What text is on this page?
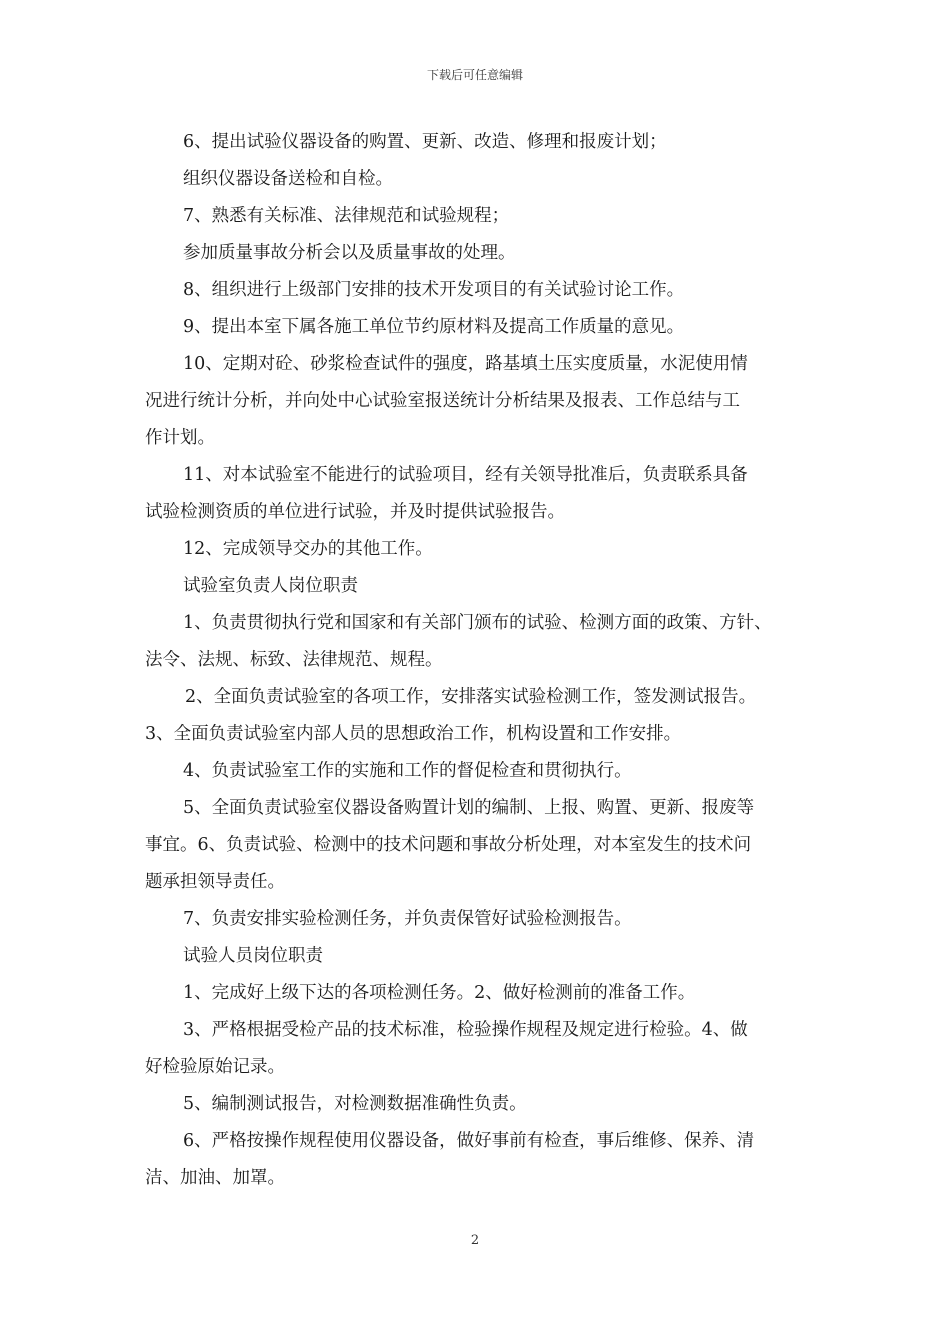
下载后可任意编辑
6、提出试验仪器设备的购置、更新、改造、修理和报废计划；
组织仪器设备送检和自检。
7、熟悉有关标准、法律规范和试验规程；
参加质量事故分析会以及质量事故的处理。
8、组织进行上级部门安排的技术开发项目的有关试验讨论工作。
9、提出本室下属各施工单位节约原材料及提高工作质量的意见。
10、定期对砼、砂浆检查试件的强度，路基填土压实度质量，水泥使用情
况进行统计分析，并向处中心试验室报送统计分析结果及报表、工作总结与工
作计划。
11、对本试验室不能进行的试验项目，经有关领导批准后，负责联系具备
试验检测资质的单位进行试验，并及时提供试验报告。
12、完成领导交办的其他工作。
试验室负责人岗位职责
1、负责贯彻执行党和国家和有关部门颁布的试验、检测方面的政策、方针、
法令、法规、标致、法律规范、规程。
2、全面负责试验室的各项工作，安排落实试验检测工作，签发测试报告。
3、全面负责试验室内部人员的思想政治工作，机构设置和工作安排。
4、负责试验室工作的实施和工作的督促检查和贯彻执行。
5、全面负责试验室仪器设备购置计划的编制、上报、购置、更新、报废等
事宜。6、负责试验、检测中的技术问题和事故分析处理，对本室发生的技术问
题承担领导责任。
7、负责安排实验检测任务，并负责保管好试验检测报告。
试验人员岗位职责
1、完成好上级下达的各项检测任务。2、做好检测前的准备工作。
3、严格根据受检产品的技术标准，检验操作规程及规定进行检验。4、做
好检验原始记录。
5、编制测试报告，对检测数据准确性负责。
6、严格按操作规程使用仪器设备，做好事前有检查，事后维修、保养、清
洁、加油、加罩。
2
